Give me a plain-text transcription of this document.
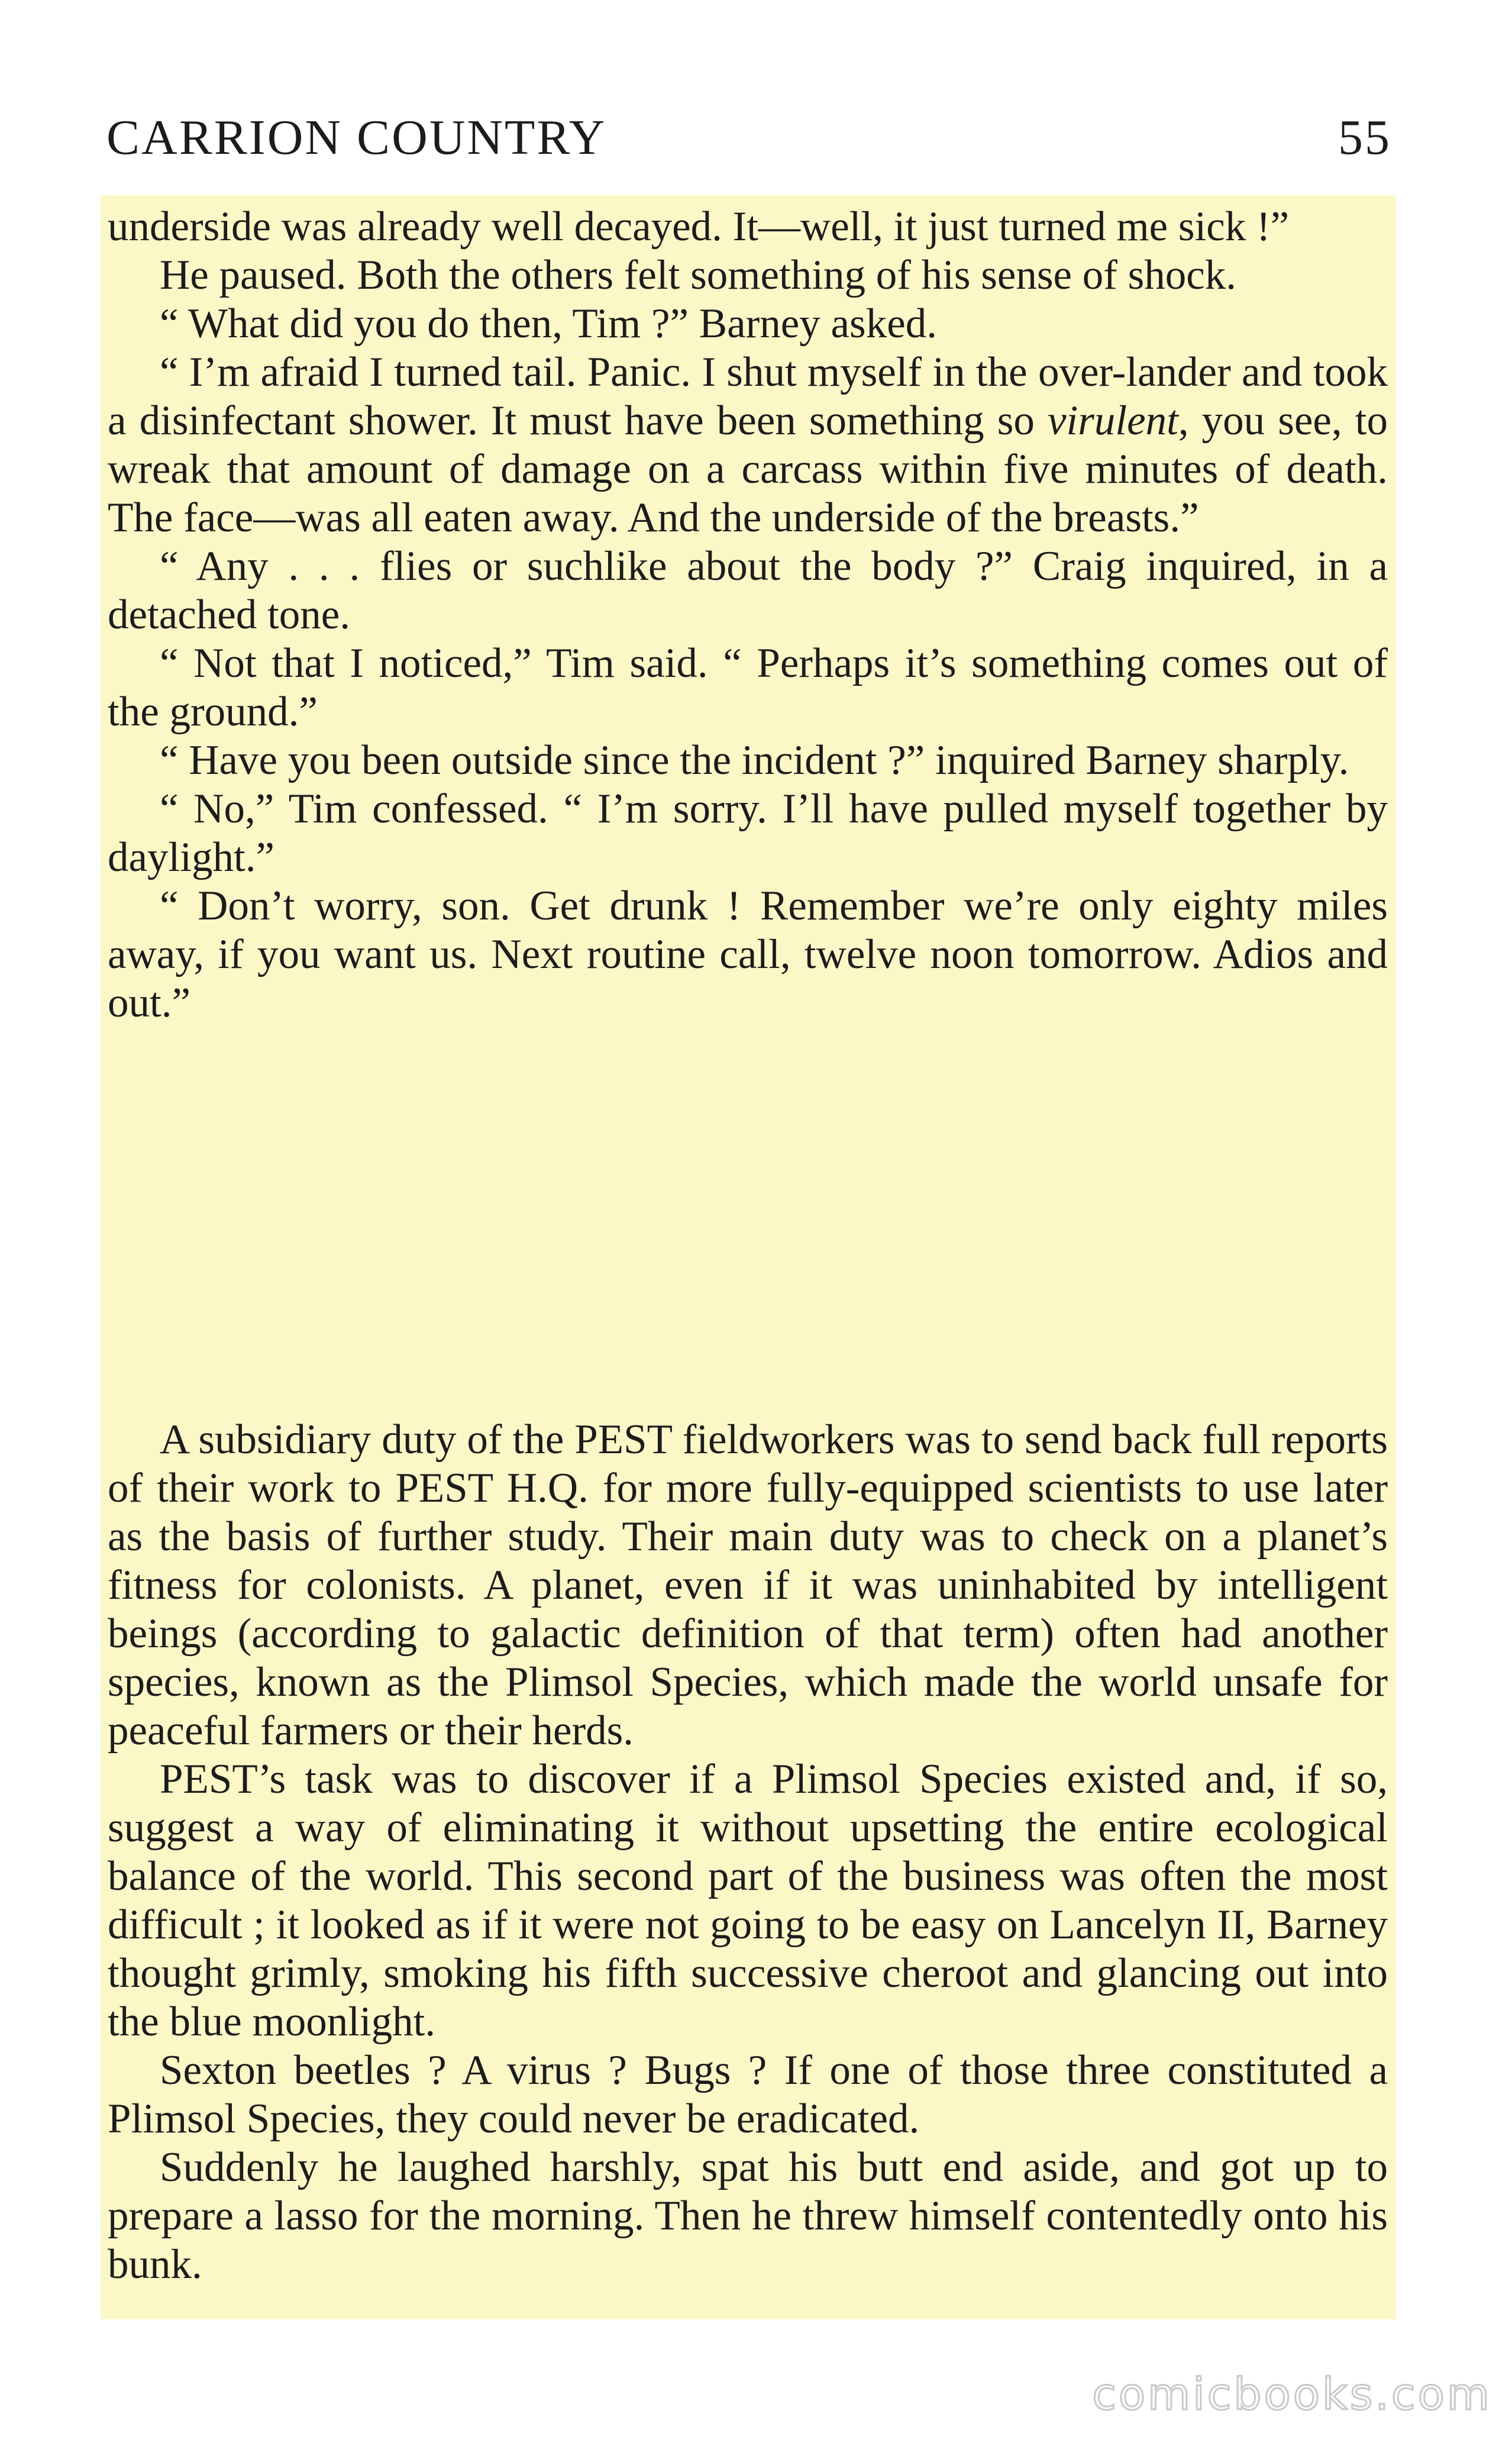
CARRION COUNTRY	55

underside was already well decayed. It—well, it just turned me sick !”

He paused. Both the others felt something of his sense of shock.

“ What did you do then, Tim ?” Barney asked.

“ I’m afraid I turned tail. Panic. I shut myself in the over-lander and took a disinfectant shower. It must have been something so virulent, you see, to wreak that amount of damage on a carcass within five minutes of death. The face—was all eaten away. And the underside of the breasts.”

“ Any . . . flies or suchlike about the body ?” Craig inquired, in a detached tone.

“ Not that I noticed,” Tim said. “ Perhaps it’s something comes out of the ground.”

“ Have you been outside since the incident ?” inquired Barney sharply.

“ No,” Tim confessed. “ I’m sorry. I’ll have pulled myself together by daylight.”

“ Don’t worry, son. Get drunk ! Remember we’re only eighty miles away, if you want us. Next routine call, twelve noon tomorrow. Adios and out.”

A subsidiary duty of the PEST fieldworkers was to send back full reports of their work to PEST H.Q. for more fully-equipped scientists to use later as the basis of further study. Their main duty was to check on a planet’s fitness for colonists. A planet, even if it was uninhabited by intelligent beings (according to galactic definition of that term) often had another species, known as the Plimsol Species, which made the world unsafe for peaceful farmers or their herds.

PEST’s task was to discover if a Plimsol Species existed and, if so, suggest a way of eliminating it without upsetting the entire ecological balance of the world. This second part of the business was often the most difficult ; it looked as if it were not going to be easy on Lancelyn II, Barney thought grimly, smoking his fifth successive cheroot and glancing out into the blue moonlight.

Sexton beetles ? A virus ? Bugs ? If one of those three constituted a Plimsol Species, they could never be eradicated.

Suddenly he laughed harshly, spat his butt end aside, and got up to prepare a lasso for the morning. Then he threw himself contentedly onto his bunk.

comicbooks.com
